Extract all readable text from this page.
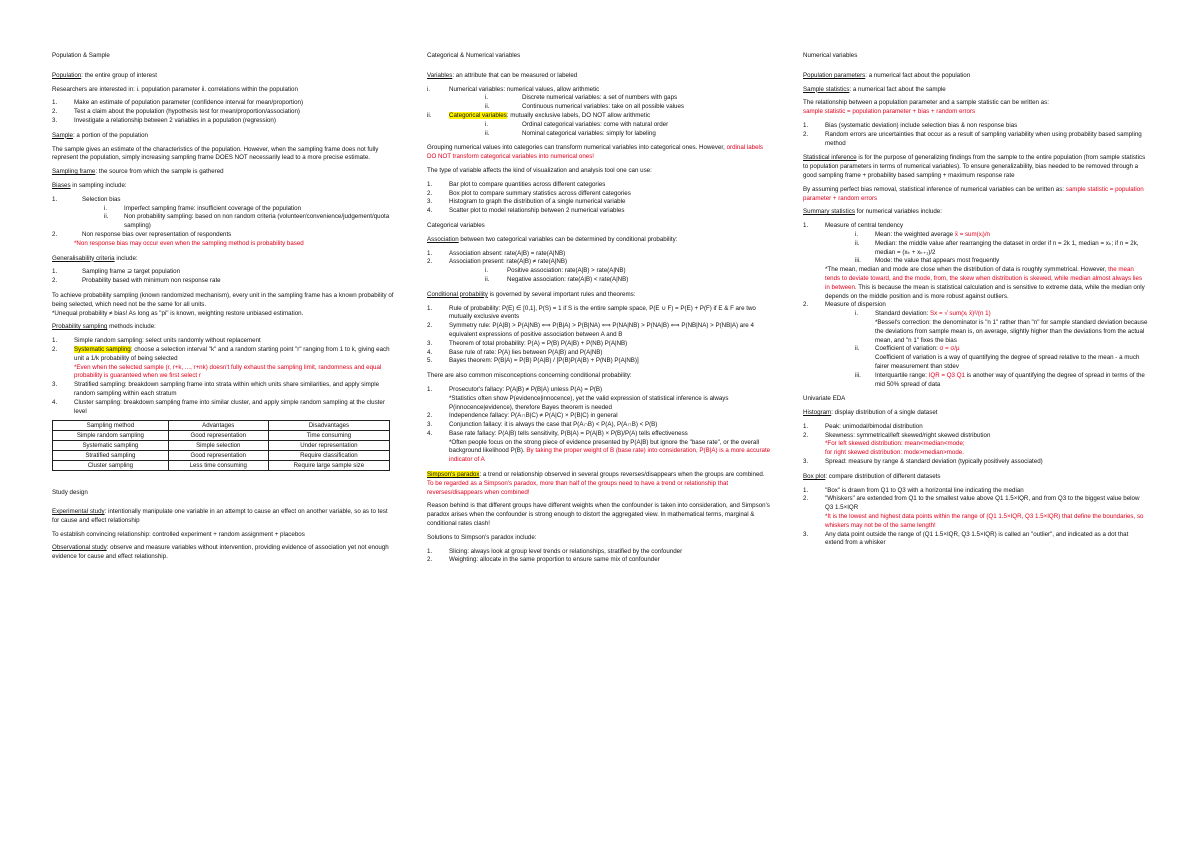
Population & Sample

Population: the entire group of interest

Researchers are interested in: i. population parameter ii. correlations within the population

1.	Make an estimate of population parameter (confidence interval for mean/proportion)
2.	Test a claim about the population (hypothesis test for mean/proportion/association)
3.	Investigate a relationship between 2 variables in a population (regression)

Sample: a portion of the population

The sample gives an estimate of the characteristics of the population. However, when the sampling frame does not fully represent the population, simply increasing sampling frame DOES NOT necessarily lead to a more precise estimate.

Sampling frame: the source from which the sample is gathered

Biases in sampling include:

1.	Selection bias
i.	Imperfect sampling frame: insufficient coverage of the population
ii.	Non probability sampling: based on non random criteria (volunteer/convenience/judgement/quota sampling)
2.	Non response bias over representation of respondents
*Non response bias may occur even when the sampling method is probability based

Generalisability criteria include:

1.	Sampling frame ⊇ target population
2.	Probability based with minimum non response rate

To achieve probability sampling (known randomized mechanism), every unit in the sampling frame has a known probability of being selected, which need not be the same for all units.
*Unequal probability ≠ bias! As long as "pi" is known, weighting restore unbiased estimation.

Probability sampling methods include:

1.	Simple random sampling: select units randomly without replacement
2.	Systematic sampling: choose a selection interval "k" and a random starting point "r" ranging from 1 to k, giving each unit a 1/k probability of being selected
*Even when the selected sample (r, r+k, ..., r+nk) doesn't fully exhaust the sampling limit, randomness and equal probability is guaranteed when we first select r
3.	Stratified sampling: breakdown sampling frame into strata within which units share similarities, and apply simple random sampling within each stratum
4.	Cluster sampling: breakdown sampling frame into similar cluster, and apply simple random sampling at the cluster level
Sampling method	Advantages	Disadvantages
Simple random sampling	Good representation	Time consuming
Systematic sampling	Simple selection	Under representation
Stratified sampling	Good representation	Require classification
Cluster sampling	Less time consuming	Require large sample size

Study design

Experimental study: intentionally manipulate one variable in an attempt to cause an effect on another variable, so as to test for cause and effect relationship

To establish convincing relationship: controlled experiment + random assignment + placebos

Observational study: observe and measure variables without intervention, providing evidence of association yet not enough evidence for cause and effect relationship.

Categorical & Numerical variables

Variables: an attribute that can be measured or labeled

i.	Numerical variables: numerical values, allow arithmetic
i.	Discrete numerical variables: a set of numbers with gaps
ii.	Continuous numerical variables: take on all possible values
ii.	Categorical variables: mutually exclusive labels, DO NOT allow arithmetic
i.	Ordinal categorical variables: come with natural order
ii.	Nominal categorical variables: simply for labeling

Grouping numerical values into categories can transform numerical variables into categorical ones. However, ordinal labels DO NOT transform categorical variables into numerical ones!

The type of variable affects the kind of visualization and analysis tool one can use:

1.	Bar plot to compare quantities across different categories
2.	Box plot to compare summary statistics across different categories
3.	Histogram to graph the distribution of a single numerical variable
4.	Scatter plot to model relationship between 2 numerical variables

Categorical variables

Association between two categorical variables can be determined by conditional probability:

1.	Association absent: rate(A|B) = rate(A|NB)
2.	Association present: rate(A|B) ≠ rate(A|NB)
i.	Positive association: rate(A|B) > rate(A|NB)
ii.	Negative association: rate(A|B) < rate(A|NB)

Conditional probability is governed by several important rules and theorems:

1.	Rule of probability: P(E) ∈ [0,1], P(S) = 1 if S is the entire sample space, P(E ∪ F) = P(E) + P(F) if E & F are two mutually exclusive events
2.	Symmetry rule: P(A|B) > P(A|NB) ⟺ P(B|A) > P(B|NA) ⟺ P(NA|NB) > P(NA|B) ⟺ P(NB|NA) > P(NB|A) are 4 equivalent expressions of positive association between A and B
3.	Theorem of total probability: P(A) = P(B) P(A|B) + P(NB) P(A|NB)
4.	Base rule of rate: P(A) lies between P(A|B) and P(A|NB)
5.	Bayes theorem: P(B|A) = P(B) P(A|B) / [P(B)P(A|B) + P(NB) P(A|NB)]

There are also common misconceptions concerning conditional probability:

1.	Prosecutor's fallacy: P(A|B) ≠ P(B|A) unless P(A) = P(B)
*Statistics often show P(evidence|innocence), yet the valid expression of statistical inference is always P(innocence|evidence), therefore Bayes theorem is needed
2.	Independence fallacy: P(A∩B|C) ≠ P(A|C) × P(B|C) in general
3.	Conjunction fallacy: it is always the case that P(A∩B) < P(A), P(A∩B) < P(B)
4.	Base rate fallacy: P(A|B) tells sensitivity, P(B|A) = P(A|B) × P(B)/P(A) tells effectiveness
*Often people focus on the strong piece of evidence presented by P(A|B) but ignore the "base rate", or the overall background likelihood P(B). By taking the proper weight of B (base rate) into consideration, P(B|A) is a more accurate indicator of A

Simpson's paradox: a trend or relationship observed in several groups reverses/disappears when the groups are combined. To be regarded as a Simpson's paradox, more than half of the groups need to have a trend or relationship that reverses/disappears when combined!

Reason behind is that different groups have different weights when the confounder is taken into consideration, and Simpson's paradox arises when the confounder is strong enough to distort the aggregated view. In mathematical terms, marginal & conditional rates clash!

Solutions to Simpson's paradox include:

1.	Slicing: always look at group level trends or relationships, stratified by the confounder
2.	Weighting: allocate in the same proportion to ensure same mix of confounder

Numerical variables

Population parameters: a numerical fact about the population

Sample statistics: a numerical fact about the sample

The relationship between a population parameter and a sample statistic can be written as:
sample statistic = population parameter + bias + random errors

1.	Bias (systematic deviation) include selection bias & non response bias
2.	Random errors are uncertainties that occur as a result of sampling variability when using probability based sampling method

Statistical inference is for the purpose of generalizing findings from the sample to the entire population (from sample statistics to population parameters in terms of numerical variables). To ensure generalizability, bias needed to be removed through a good sampling frame + probability based sampling + maximum response rate

By assuming perfect bias removal, statistical inference of numerical variables can be written as: sample statistic = population parameter + random errors

Summary statistics for numerical variables include:

1.	Measure of central tendency
i.	Mean: the weighted average x̄ = sum(xᵢ)/n
ii.	Median: the middle value after rearranging the dataset in order if n = 2k 1, median = xₖ; if n = 2k, median = (xₖ + xₖ₊₁)/2
iii. Mode: the value that appears most frequently
*The mean, median and mode are close when the distribution of data is roughly symmetrical. However, the mean tends to deviate toward, and the mode, from, the skew when distribution is skewed, while median almost always lies in between. This is because the mean is statistical calculation and is sensitive to extreme data, while the median only depends on the middle position and is more robust against outliers.
2.	Measure of dispersion
i.	Standard deviation: Sx = √ sum(xᵢ x̄)²/(n 1)
*Bessel's correction: the denominator is "n 1" rather than "n" for sample standard deviation because the deviations from sample mean is, on average, slightly higher than the deviations from the actual mean, and "n 1" fixes the bias
ii.	Coefficient of variation: σ = σ/μ
Coefficient of variation is a way of quantifying the degree of spread relative to the mean - a much fairer measurement than stdev
iii. Interquartile range: IQR = Q3 Q1 is another way of quantifying the degree of spread in terms of the mid 50% spread of data

Univariate EDA

Histogram: display distribution of a single dataset

1.	Peak: unimodal/bimodal distribution
2.	Skewness: symmetrical/left skewed/right skewed distribution
*For left skewed distribution: mean<median<mode;
for right skewed distribution: mode>median>mode.
3.	Spread: measure by range & standard deviation (typically positively associated)

Box plot: compare distribution of different datasets

1.	"Box" is drawn from Q1 to Q3 with a horizontal line indicating the median
2.	"Whiskers" are extended from Q1 to the smallest value above Q1 1.5×IQR, and from Q3 to the biggest value below Q3 1.5×IQR
*It is the lowest and highest data points within the range of (Q1 1.5×IQR, Q3 1.5×IQR) that define the boundaries, so whiskers may not be of the same length!
3.	Any data point outside the range of (Q1 1.5×IQR, Q3 1.5×IQR) is called an "outlier", and indicated as a dot that extend from a whisker
